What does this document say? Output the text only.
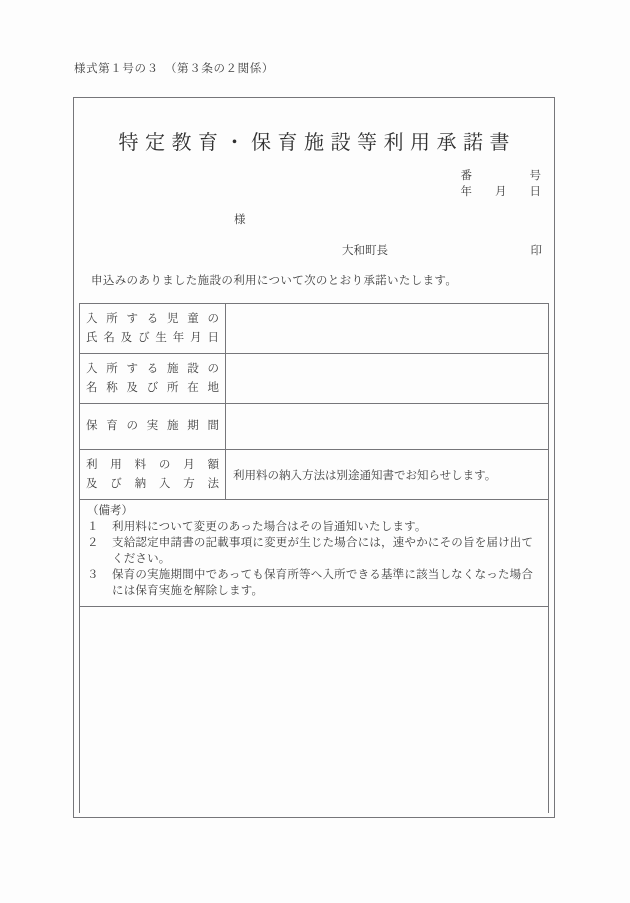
様式第１号の３　（第３条の２関係）
特定教育・保育施設等利用承諾書
番　　　　　号
年　　月　　日
様
大和町長	印
申込みのありました施設の利用について次のとおり承諾いたします。
入所する児童の
氏名及び生年月日	

入所する施設の
名称及び所在地	

保育の実施期間	

利用料の月額
及び納入方法	利用料の納入方法は別途通知書でお知らせします。

（備考）
１	利用料について変更のあった場合はその旨通知いたします。
２	支給認定申請書の記載事項に変更が生じた場合には，速やかにその旨を届け出てください。
３	保育の実施期間中であっても保育所等へ入所できる基準に該当しなくなった場合には保育実施を解除します。
